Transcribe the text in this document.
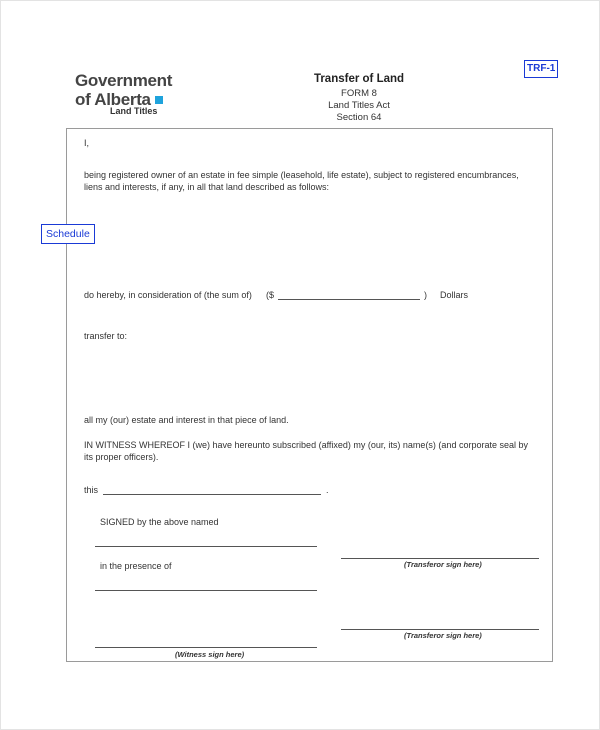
Government
of Alberta
Land Titles
Transfer of Land
FORM 8
Land Titles Act
Section 64
TRF-1
I,
being registered owner of an estate in fee simple (leasehold, life estate), subject to registered encumbrances, liens and interests, if any, in all that land described as follows:
Schedule
do hereby, in consideration of (the sum of) ($	) Dollars
transfer to:
all my (our) estate and interest in that piece of land.
IN WITNESS WHEREOF I (we) have hereunto subscribed (affixed) my (our, its) name(s) (and corporate seal by its proper officers).
this	.
SIGNED by the above named
(Transferor sign here)
in the presence of
(Transferor sign here)
(Witness sign here)
